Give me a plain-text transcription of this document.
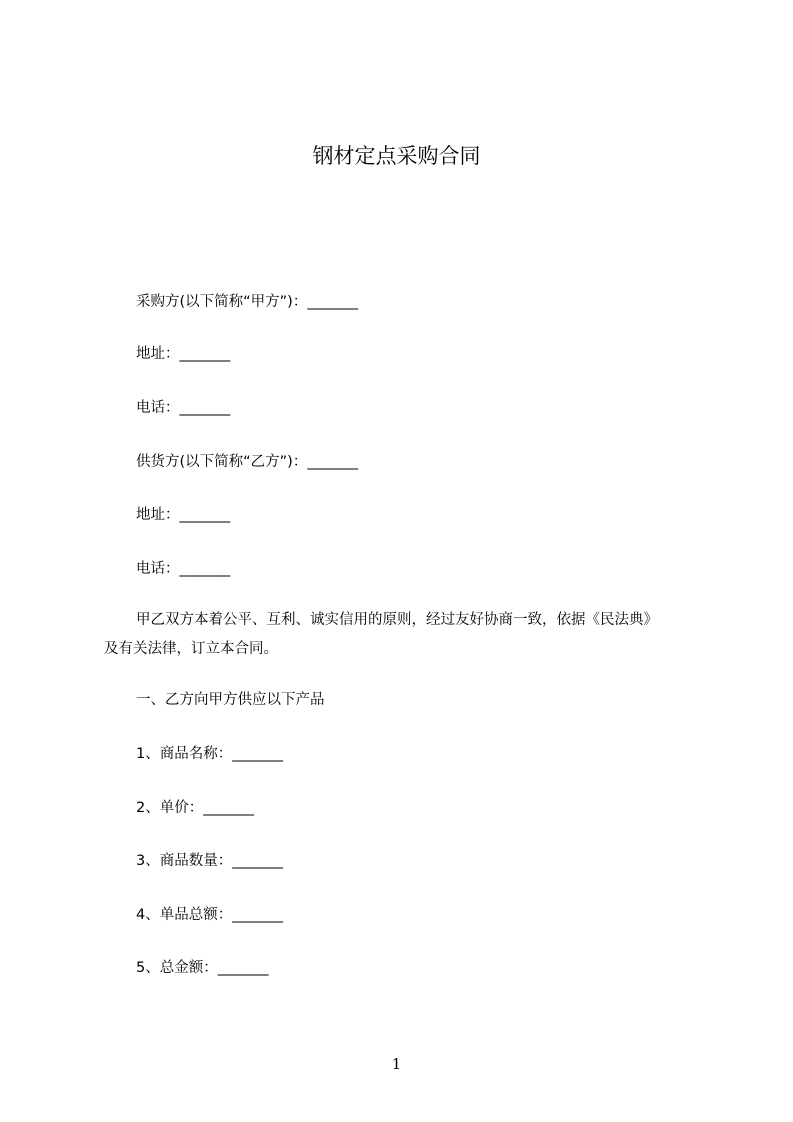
钢材定点采购合同
采购方(以下简称“甲方”)：_______
地址：_______
电话：_______
供货方(以下简称“乙方”)：_______
地址：_______
电话：_______
甲乙双方本着公平、互利、诚实信用的原则，经过友好协商一致，依据《民法典》
及有关法律，订立本合同。
一、乙方向甲方供应以下产品
1、商品名称：_______
2、单价：_______
3、商品数量：_______
4、单品总额：_______
5、总金额：_______
1
